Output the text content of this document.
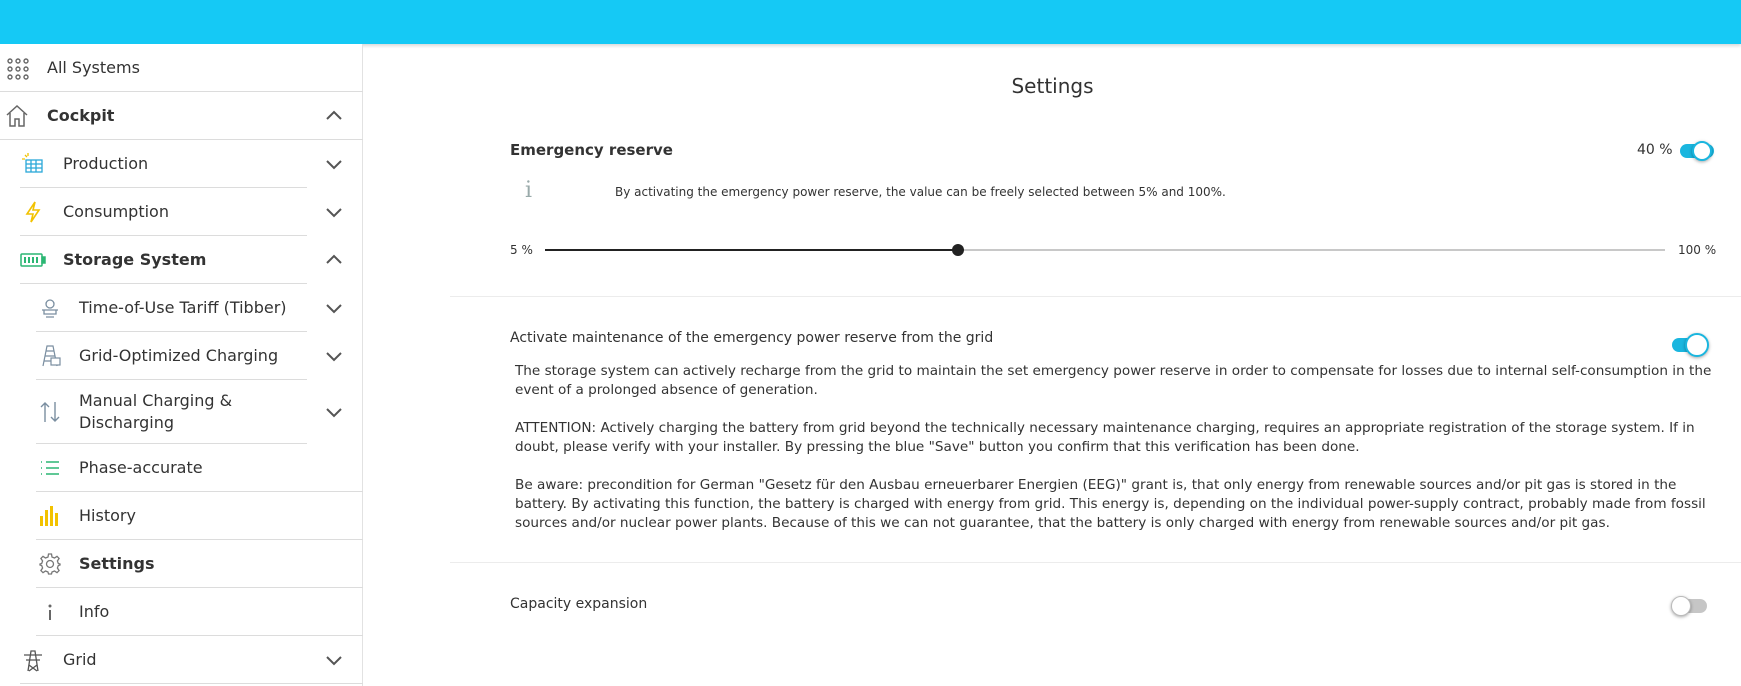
All Systems
Cockpit
Production
Consumption
Storage System
Time-of-Use Tariff (Tibber)
Grid-Optimized Charging
Manual Charging &
Discharging
Phase-accurate
History
Settings
Info
Grid
Settings
Emergency reserve	40 %
i	By activating the emergency power reserve, the value can be freely selected between 5% and 100%.
5 %	100 %
Activate maintenance of the emergency power reserve from the grid
The storage system can actively recharge from the grid to maintain the set emergency power reserve in order to compensate for losses due to internal self-consumption in the
event of a prolonged absence of generation.
ATTENTION: Actively charging the battery from grid beyond the technically necessary maintenance charging, requires an appropriate registration of the storage system. If in
doubt, please verify with your installer. By pressing the blue "Save" button you confirm that this verification has been done.
Be aware: precondition for German "Gesetz für den Ausbau erneuerbarer Energien (EEG)" grant is, that only energy from renewable sources and/or pit gas is stored in the
battery. By activating this function, the battery is charged with energy from grid. This energy is, depending on the individual power-supply contract, probably made from fossil
sources and/or nuclear power plants. Because of this we can not guarantee, that the battery is only charged with energy from renewable sources and/or pit gas.
Capacity expansion
